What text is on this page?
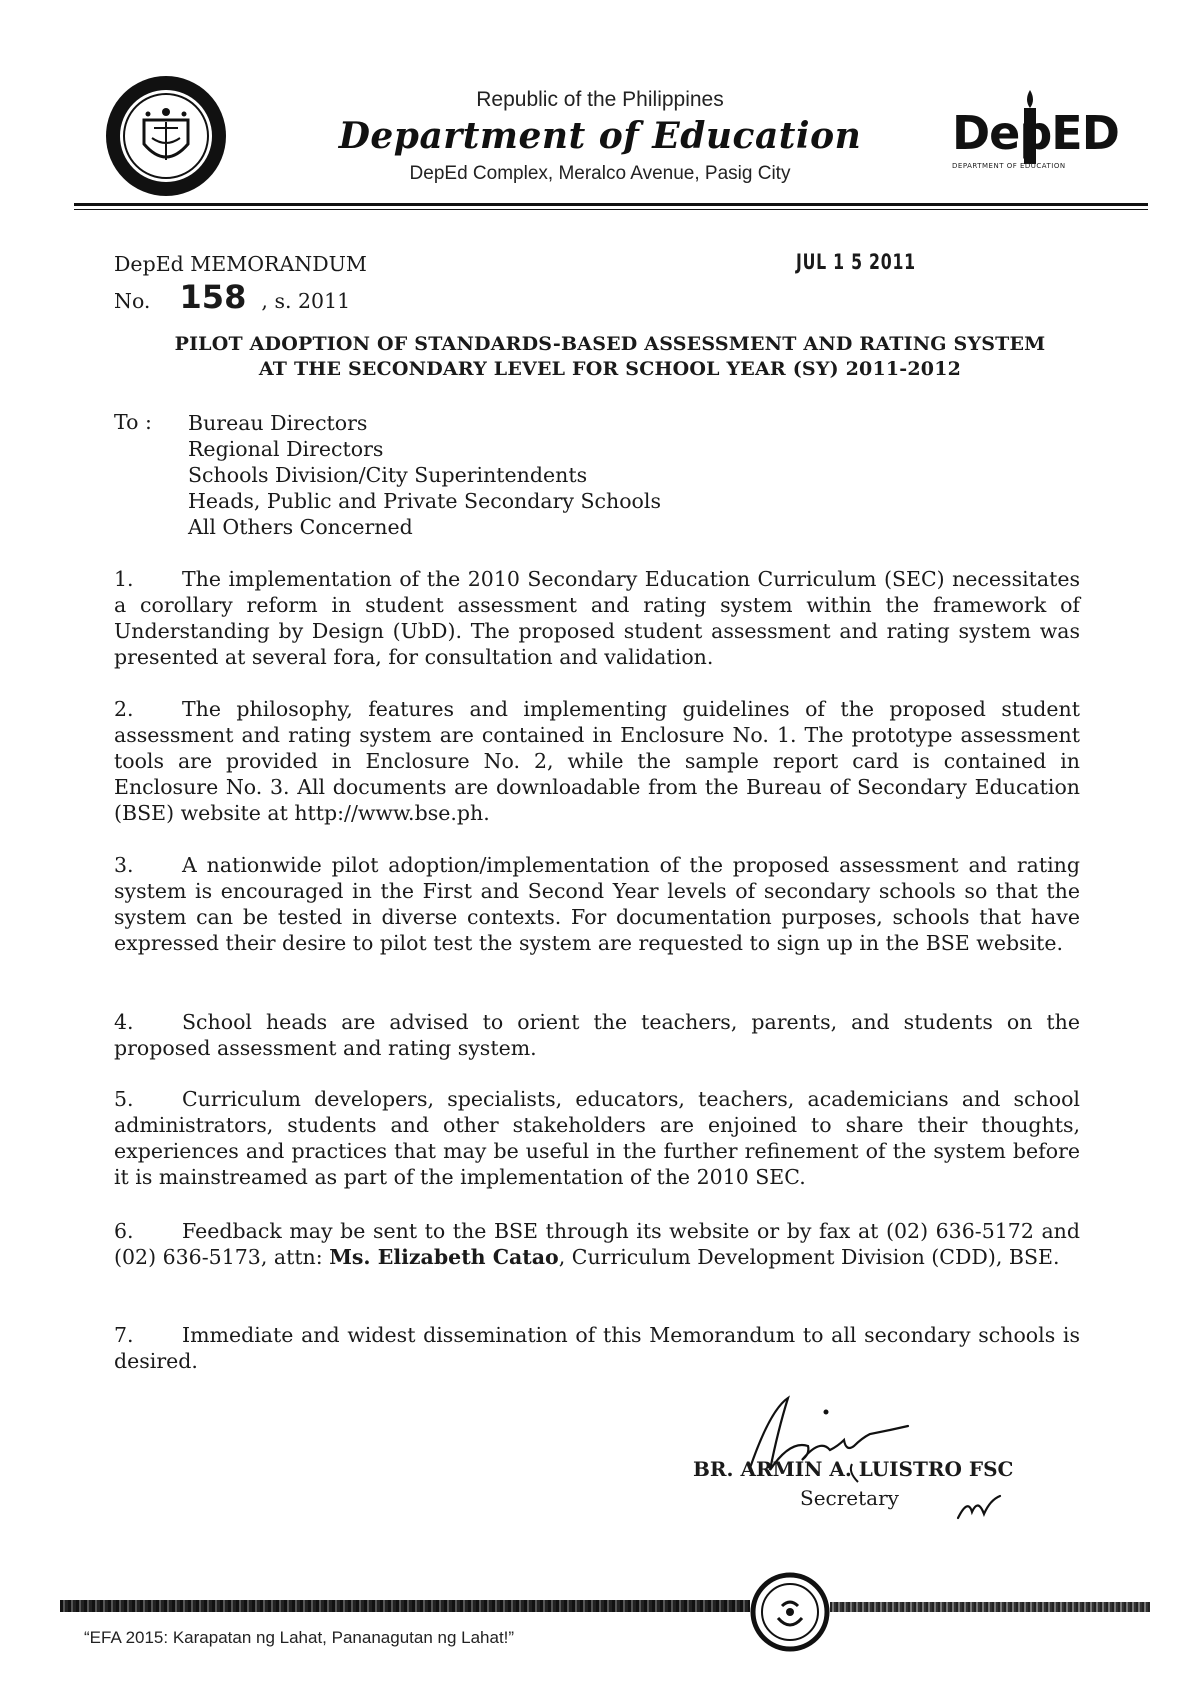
Republic of the Philippines
Department of Education
DepEd Complex, Meralco Avenue, Pasig City
DepED
DEPARTMENT OF EDUCATION
DepEd MEMORANDUM
No. 158 , s. 2011
JUL 1 5 2011
PILOT ADOPTION OF STANDARDS-BASED ASSESSMENT AND RATING SYSTEM
AT THE SECONDARY LEVEL FOR SCHOOL YEAR (SY) 2011-2012
To : Bureau Directors
Regional Directors
Schools Division/City Superintendents
Heads, Public and Private Secondary Schools
All Others Concerned
1. The implementation of the 2010 Secondary Education Curriculum (SEC) necessitates a corollary reform in student assessment and rating system within the framework of Understanding by Design (UbD). The proposed student assessment and rating system was presented at several fora, for consultation and validation.
2. The philosophy, features and implementing guidelines of the proposed student assessment and rating system are contained in Enclosure No. 1. The prototype assessment tools are provided in Enclosure No. 2, while the sample report card is contained in Enclosure No. 3. All documents are downloadable from the Bureau of Secondary Education (BSE) website at http://www.bse.ph.
3. A nationwide pilot adoption/implementation of the proposed assessment and rating system is encouraged in the First and Second Year levels of secondary schools so that the system can be tested in diverse contexts. For documentation purposes, schools that have expressed their desire to pilot test the system are requested to sign up in the BSE website.
4. School heads are advised to orient the teachers, parents, and students on the proposed assessment and rating system.
5. Curriculum developers, specialists, educators, teachers, academicians and school administrators, students and other stakeholders are enjoined to share their thoughts, experiences and practices that may be useful in the further refinement of the system before it is mainstreamed as part of the implementation of the 2010 SEC.
6. Feedback may be sent to the BSE through its website or by fax at (02) 636-5172 and (02) 636-5173, attn: Ms. Elizabeth Catao, Curriculum Development Division (CDD), BSE.
7. Immediate and widest dissemination of this Memorandum to all secondary schools is desired.
BR. ARMIN A. LUISTRO FSC
Secretary
“EFA 2015: Karapatan ng Lahat, Pananagutan ng Lahat!”
